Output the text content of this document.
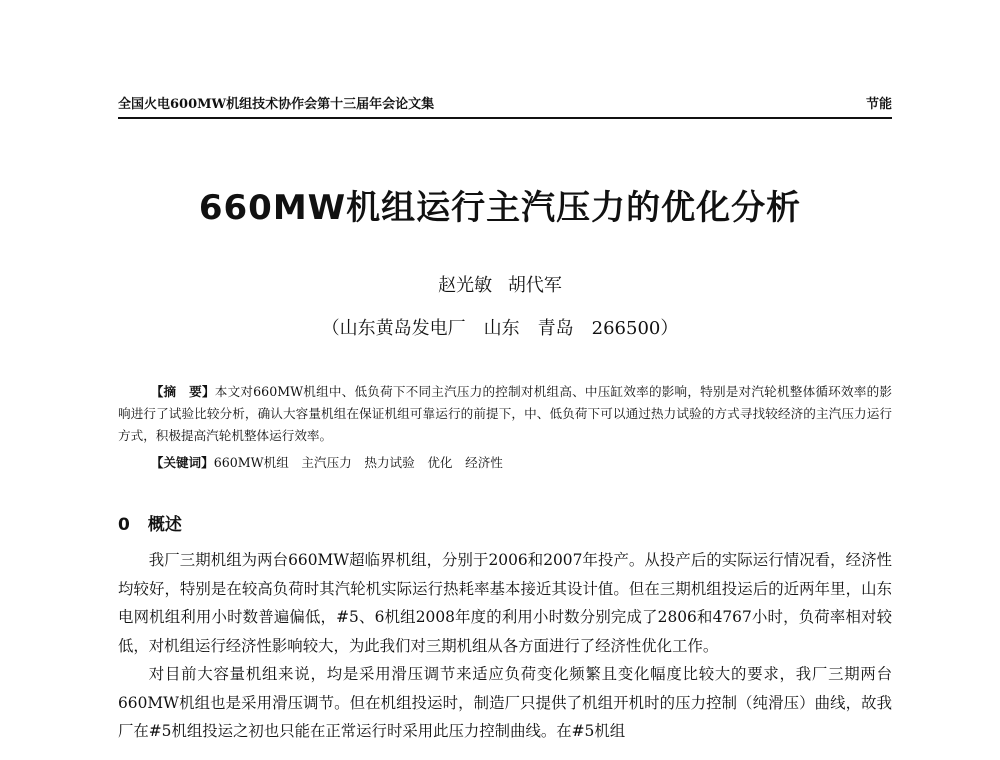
全国火电600MW机组技术协作会第十三届年会论文集	节能
660MW机组运行主汽压力的优化分析
赵光敏 胡代军
（山东黄岛发电厂　山东　青岛　266500）
【摘　要】本文对660MW机组中、低负荷下不同主汽压力的控制对机组高、中压缸效率的影响，特别是对汽轮机整体循环效率的影响进行了试验比较分析，确认大容量机组在保证机组可靠运行的前提下，中、低负荷下可以通过热力试验的方式寻找较经济的主汽压力运行方式，积极提高汽轮机整体运行效率。
【关键词】660MW机组　主汽压力　热力试验　优化　经济性
0 概述

我厂三期机组为两台660MW超临界机组，分别于2006和2007年投产。从投产后的实际运行情况看，经济性均较好，特别是在较高负荷时其汽轮机实际运行热耗率基本接近其设计值。但在三期机组投运后的近两年里，山东电网机组利用小时数普遍偏低，#5、6机组2008年度的利用小时数分别完成了2806和4767小时，负荷率相对较低，对机组运行经济性影响较大，为此我们对三期机组从各方面进行了经济性优化工作。

对目前大容量机组来说，均是采用滑压调节来适应负荷变化频繁且变化幅度比较大的要求，我厂三期两台660MW机组也是采用滑压调节。但在机组投运时，制造厂只提供了机组开机时的压力控制（纯滑压）曲线，故我厂在#5机组投运之初也只能在正常运行时采用此压力控制曲线。在#5机组
